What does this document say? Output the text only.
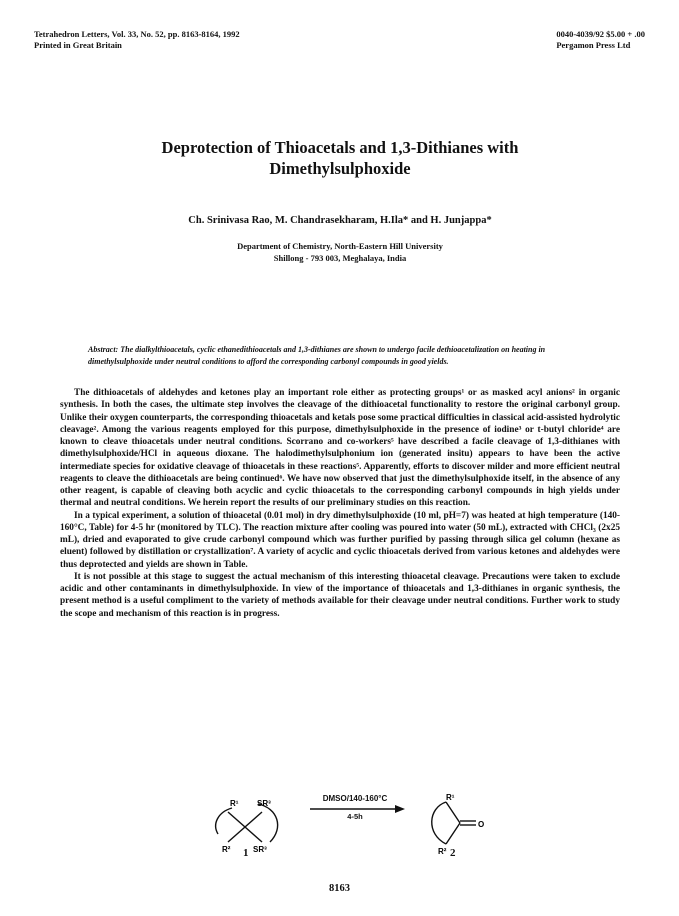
Tetrahedron Letters, Vol. 33, No. 52, pp. 8163-8164, 1992
Printed in Great Britain
0040-4039/92 $5.00 + .00
Pergamon Press Ltd
Deprotection of Thioacetals and 1,3-Dithianes with
Dimethylsulphoxide
Ch. Srinivasa Rao, M. Chandrasekharam, H.Ila* and H. Junjappa*
Department of Chemistry, North-Eastern Hill University
Shillong - 793 003, Meghalaya, India
Abstract: The dialkylthioacetals, cyclic ethanedithioacetals and 1,3-dithianes are shown to undergo facile dethioacetalization on heating in dimethylsulphoxide under neutral conditions to afford the corresponding carbonyl compounds in good yields.

The dithioacetals of aldehydes and ketones play an important role either as protecting groups¹ or as masked acyl anions² in organic synthesis. In both the cases, the ultimate step involves the cleavage of the dithioacetal functionality to restore the original carbonyl group. Unlike their oxygen counterparts, the corresponding thioacetals and ketals pose some practical difficulties in classical acid-assisted hydrolytic cleavage². Among the various reagents employed for this purpose, dimethylsulphoxide in the presence of iodine³ or t-butyl chloride⁴ are known to cleave thioacetals under neutral conditions. Scorrano and co-workers⁵ have described a facile cleavage of 1,3-dithianes with dimethylsulphoxide/HCl in aqueous dioxane. The halodimethylsulphonium ion (generated insitu) appears to have been the active intermediate species for oxidative cleavage of thioacetals in these reactions⁵. Apparently, efforts to discover milder and more efficient neutral reagents to cleave the dithioacetals are being continued⁶. We have now observed that just the dimethylsulphoxide itself, in the absence of any other reagent, is capable of cleaving both acyclic and cyclic thioacetals to the corresponding carbonyl compounds in high yields under thermal and neutral conditions. We herein report the results of our preliminary studies on this reaction.

In a typical experiment, a solution of thioacetal (0.01 mol) in dry dimethylsulphoxide (10 ml, pH=7) was heated at high temperature (140-160°C, Table) for 4-5 hr (monitored by TLC). The reaction mixture after cooling was poured into water (50 mL), extracted with CHCl₃ (2x25 mL), dried and evaporated to give crude carbonyl compound which was further purified by passing through silica gel column (hexane as eluent) followed by distillation or crystallization⁷. A variety of acyclic and cyclic thioacetals derived from various ketones and aldehydes were thus deprotected and yields are shown in Table.

It is not possible at this stage to suggest the actual mechanism of this interesting thioacetal cleavage. Precautions were taken to exclude acidic and other contaminants in dimethylsulphoxide. In view of the importance of thioacetals and 1,3-dithianes in organic synthesis, the present method is a useful compliment to the variety of methods available for their cleavage under neutral conditions. Further work to study the scope and mechanism of this reaction is in progress.

R¹ SR³
R²	SR³
R¹
R²
O
DMSO/140-160°C
4-5h
1	2
8163
